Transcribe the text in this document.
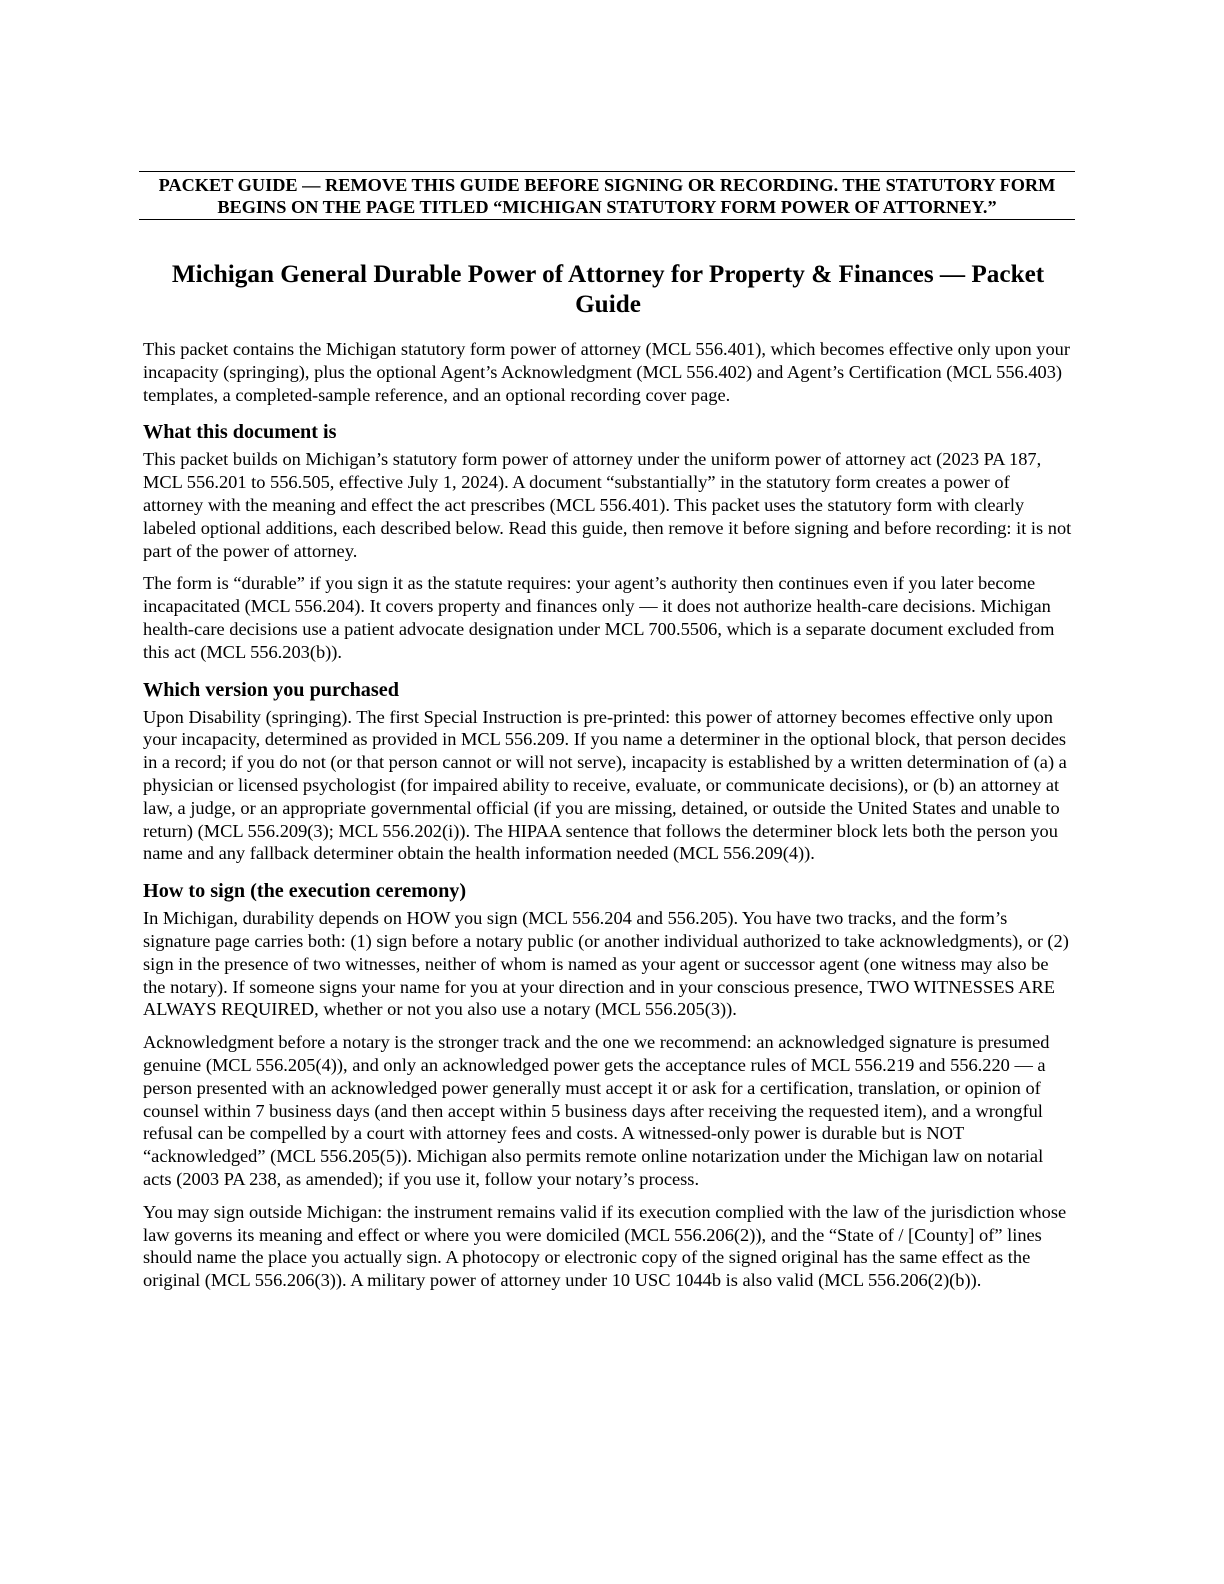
PACKET GUIDE — REMOVE THIS GUIDE BEFORE SIGNING OR RECORDING. THE STATUTORY FORM BEGINS ON THE PAGE TITLED “MICHIGAN STATUTORY FORM POWER OF ATTORNEY.”
Michigan General Durable Power of Attorney for Property & Finances — Packet Guide

This packet contains the Michigan statutory form power of attorney (MCL 556.401), which becomes effective only upon your incapacity (springing), plus the optional Agent’s Acknowledgment (MCL 556.402) and Agent’s Certification (MCL 556.403) templates, a completed-sample reference, and an optional recording cover page.

What this document is

This packet builds on Michigan’s statutory form power of attorney under the uniform power of attorney act (2023 PA 187, MCL 556.201 to 556.505, effective July 1, 2024). A document “substantially” in the statutory form creates a power of attorney with the meaning and effect the act prescribes (MCL 556.401). This packet uses the statutory form with clearly labeled optional additions, each described below. Read this guide, then remove it before signing and before recording: it is not part of the power of attorney.

The form is “durable” if you sign it as the statute requires: your agent’s authority then continues even if you later become incapacitated (MCL 556.204). It covers property and finances only — it does not authorize health-care decisions. Michigan health-care decisions use a patient advocate designation under MCL 700.5506, which is a separate document excluded from this act (MCL 556.203(b)).

Which version you purchased

Upon Disability (springing). The first Special Instruction is pre-printed: this power of attorney becomes effective only upon your incapacity, determined as provided in MCL 556.209. If you name a determiner in the optional block, that person decides in a record; if you do not (or that person cannot or will not serve), incapacity is established by a written determination of (a) a physician or licensed psychologist (for impaired ability to receive, evaluate, or communicate decisions), or (b) an attorney at law, a judge, or an appropriate governmental official (if you are missing, detained, or outside the United States and unable to return) (MCL 556.209(3); MCL 556.202(i)). The HIPAA sentence that follows the determiner block lets both the person you name and any fallback determiner obtain the health information needed (MCL 556.209(4)).

How to sign (the execution ceremony)

In Michigan, durability depends on HOW you sign (MCL 556.204 and 556.205). You have two tracks, and the form’s signature page carries both: (1) sign before a notary public (or another individual authorized to take acknowledgments), or (2) sign in the presence of two witnesses, neither of whom is named as your agent or successor agent (one witness may also be the notary). If someone signs your name for you at your direction and in your conscious presence, TWO WITNESSES ARE ALWAYS REQUIRED, whether or not you also use a notary (MCL 556.205(3)).

Acknowledgment before a notary is the stronger track and the one we recommend: an acknowledged signature is presumed genuine (MCL 556.205(4)), and only an acknowledged power gets the acceptance rules of MCL 556.219 and 556.220 — a person presented with an acknowledged power generally must accept it or ask for a certification, translation, or opinion of counsel within 7 business days (and then accept within 5 business days after receiving the requested item), and a wrongful refusal can be compelled by a court with attorney fees and costs. A witnessed-only power is durable but is NOT “acknowledged” (MCL 556.205(5)). Michigan also permits remote online notarization under the Michigan law on notarial acts (2003 PA 238, as amended); if you use it, follow your notary’s process.

You may sign outside Michigan: the instrument remains valid if its execution complied with the law of the jurisdiction whose law governs its meaning and effect or where you were domiciled (MCL 556.206(2)), and the “State of / [County] of” lines should name the place you actually sign. A photocopy or electronic copy of the signed original has the same effect as the original (MCL 556.206(3)). A military power of attorney under 10 USC 1044b is also valid (MCL 556.206(2)(b)).
